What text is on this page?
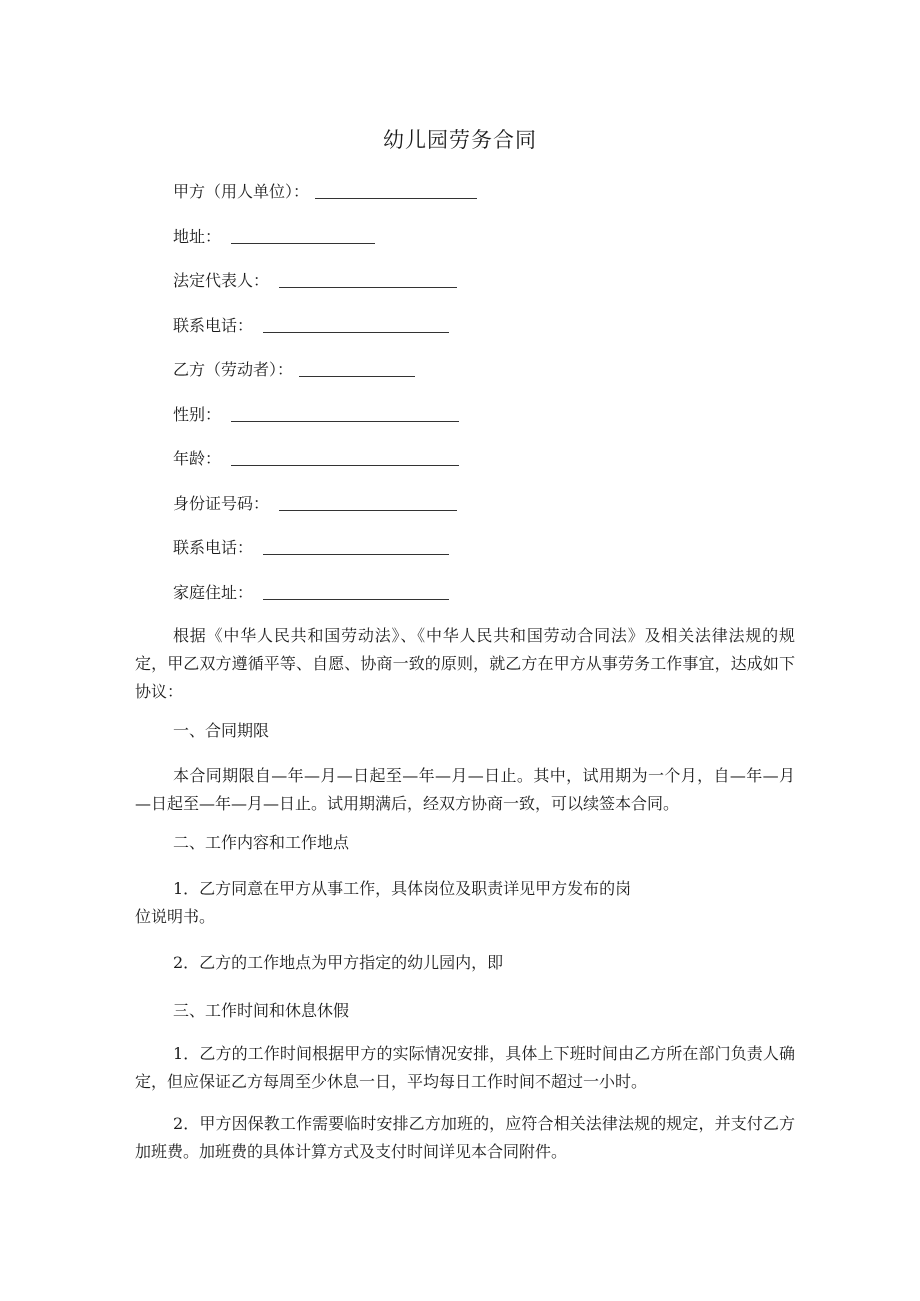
幼儿园劳务合同
甲方（用人单位）：
地址：
法定代表人：
联系电话：
乙方（劳动者）：
性别：
年龄：
身份证号码：
联系电话：
家庭住址：
根据《中华人民共和国劳动法》、《中华人民共和国劳动合同法》及相关法律法规的规定，甲乙双方遵循平等、自愿、协商一致的原则，就乙方在甲方从事劳务工作事宜，达成如下协议：
一、合同期限
本合同期限自—年—月—日起至—年—月—日止。其中，试用期为一个月，自—年—月—日起至—年—月—日止。试用期满后，经双方协商一致，可以续签本合同。
二、工作内容和工作地点
1．乙方同意在甲方从事工作，具体岗位及职责详见甲方发布的岗
位说明书。
2．乙方的工作地点为甲方指定的幼儿园内，即
三、工作时间和休息休假
1．乙方的工作时间根据甲方的实际情况安排，具体上下班时间由乙方所在部门负责人确定，但应保证乙方每周至少休息一日，平均每日工作时间不超过一小时。
2．甲方因保教工作需要临时安排乙方加班的，应符合相关法律法规的规定，并支付乙方加班费。加班费的具体计算方式及支付时间详见本合同附件。
